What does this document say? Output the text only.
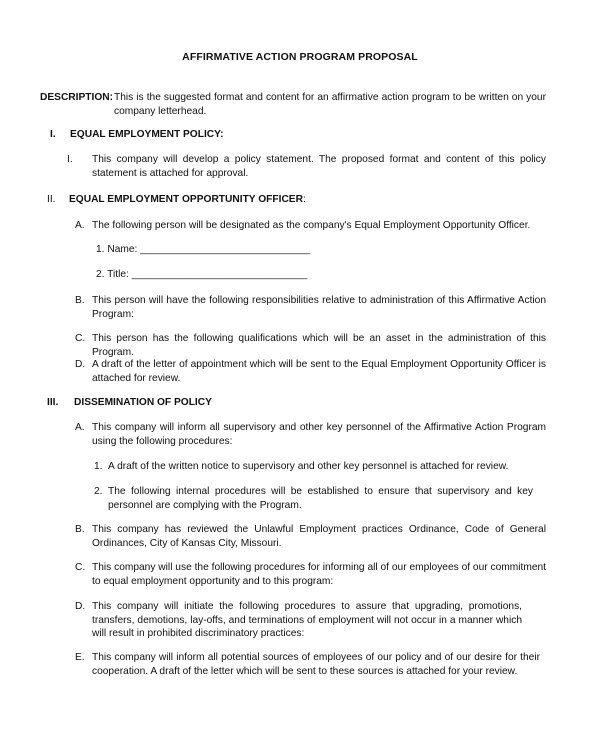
AFFIRMATIVE ACTION PROGRAM PROPOSAL
DESCRIPTION: This is the suggested format and content for an affirmative action program to be written on your company letterhead.
I. EQUAL EMPLOYMENT POLICY:
I. This company will develop a policy statement. The proposed format and content of this policy statement is attached for approval.
II. EQUAL EMPLOYMENT OPPORTUNITY OFFICER:
A. The following person will be designated as the company's Equal Employment Opportunity Officer.
1. Name: ______________________________
2. Title: _______________________________
B. This person will have the following responsibilities relative to administration of this Affirmative Action Program:
C. This person has the following qualifications which will be an asset in the administration of this Program.
D. A draft of the letter of appointment which will be sent to the Equal Employment Opportunity Officer is attached for review.
III. DISSEMINATION OF POLICY
A. This company will inform all supervisory and other key personnel of the Affirmative Action Program using the following procedures:
1. A draft of the written notice to supervisory and other key personnel is attached for review.
2. The following internal procedures will be established to ensure that supervisory and key personnel are complying with the Program.
B. This company has reviewed the Unlawful Employment practices Ordinance, Code of General Ordinances, City of Kansas City, Missouri.
C. This company will use the following procedures for informing all of our employees of our commitment to equal employment opportunity and to this program:
D. This company will initiate the following procedures to assure that upgrading, promotions, transfers, demotions, lay-offs, and terminations of employment will not occur in a manner which will result in prohibited discriminatory practices:
E. This company will inform all potential sources of employees of our policy and of our desire for their cooperation. A draft of the letter which will be sent to these sources is attached for your review.
